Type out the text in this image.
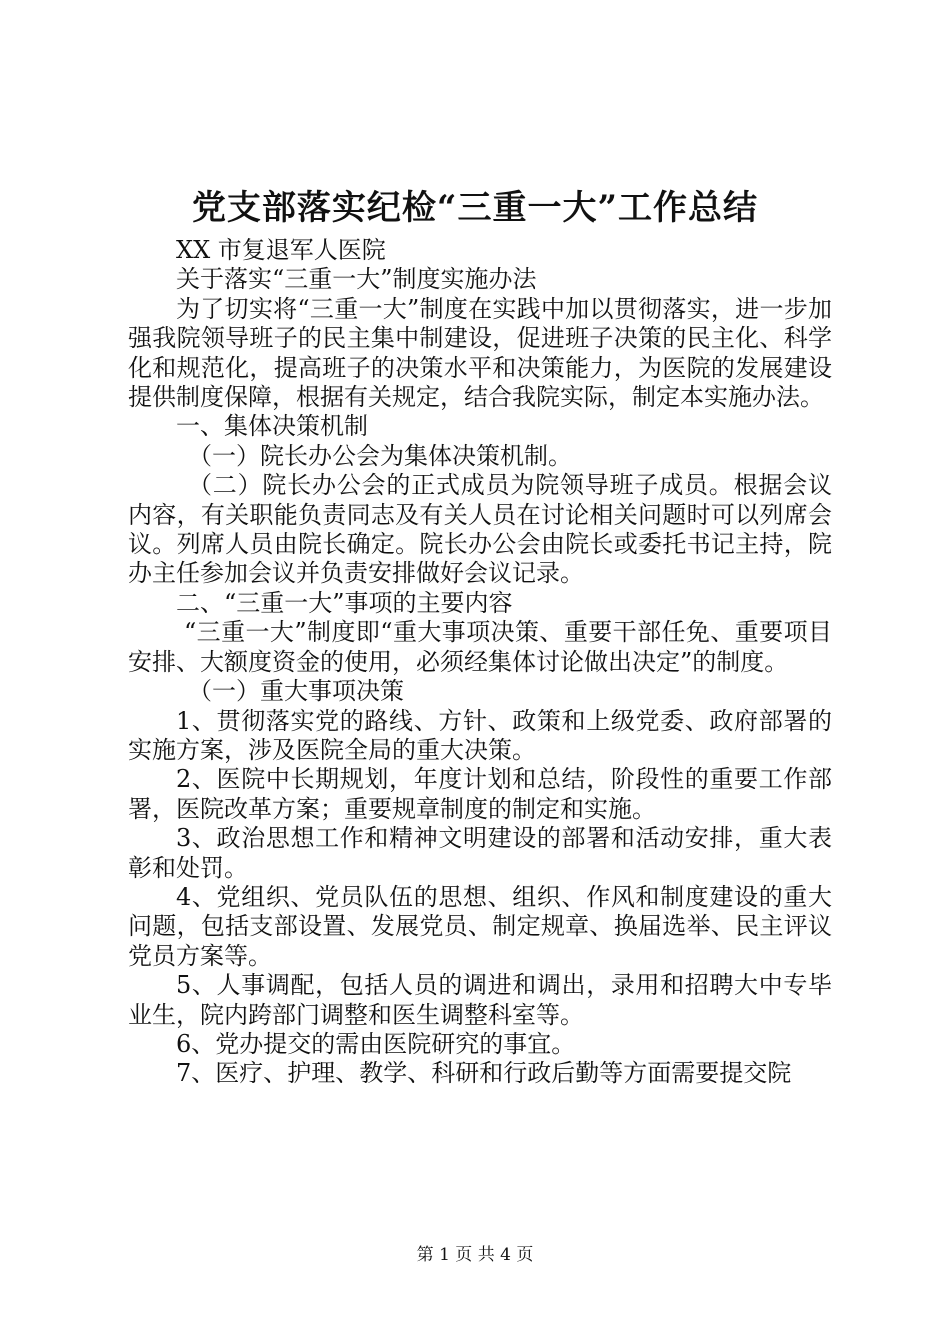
党支部落实纪检“三重一大”工作总结

XX 市复退军人医院

关于落实“三重一大”制度实施办法

为了切实将“三重一大”制度在实践中加以贯彻落实，进一步加强我院领导班子的民主集中制建设，促进班子决策的民主化、科学化和规范化，提高班子的决策水平和决策能力，为医院的发展建设提供制度保障，根据有关规定，结合我院实际，制定本实施办法。

一、集体决策机制

（一）院长办公会为集体决策机制。

（二）院长办公会的正式成员为院领导班子成员。根据会议内容，有关职能负责同志及有关人员在讨论相关问题时可以列席会议。列席人员由院长确定。院长办公会由院长或委托书记主持，院办主任参加会议并负责安排做好会议记录。

二、“三重一大”事项的主要内容

“三重一大”制度即“重大事项决策、重要干部任免、重要项目安排、大额度资金的使用，必须经集体讨论做出决定”的制度。

（一）重大事项决策

1、贯彻落实党的路线、方针、政策和上级党委、政府部署的实施方案，涉及医院全局的重大决策。

2、医院中长期规划，年度计划和总结，阶段性的重要工作部署，医院改革方案；重要规章制度的制定和实施。

3、政治思想工作和精神文明建设的部署和活动安排，重大表彰和处罚。

4、党组织、党员队伍的思想、组织、作风和制度建设的重大问题，包括支部设置、发展党员、制定规章、换届选举、民主评议党员方案等。

5、人事调配，包括人员的调进和调出，录用和招聘大中专毕业生，院内跨部门调整和医生调整科室等。

6、党办提交的需由医院研究的事宜。

7、医疗、护理、教学、科研和行政后勤等方面需要提交院

第 1 页 共 4 页
